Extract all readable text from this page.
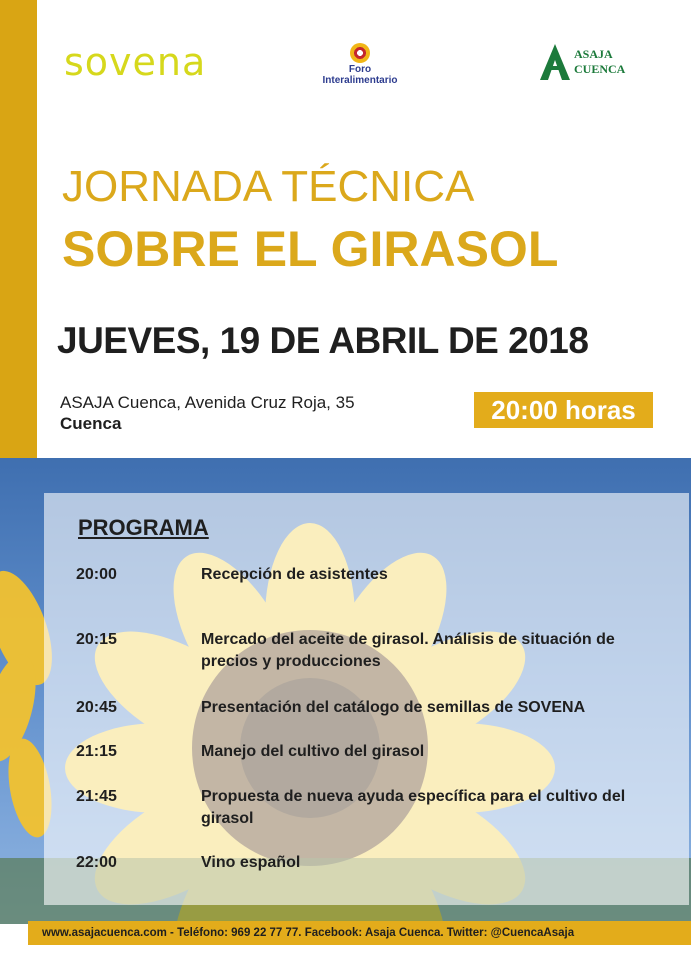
sovena	Foro
Interalimentario
ASAJA
CUENCA
JORNADA TÉCNICA
SOBRE EL GIRASOL
JUEVES, 19 DE ABRIL DE 2018
ASAJA Cuenca, Avenida Cruz Roja, 35
Cuenca	20:00 horas
PROGRAMA
20:00	Recepción de asistentes
20:15	Mercado del aceite de girasol. Análisis de situación de precios y producciones
20:45	Presentación del catálogo de semillas de SOVENA
21:15	Manejo del cultivo del girasol
21:45	Propuesta de nueva ayuda específica para el cultivo del girasol
22:00	Vino español
www.asajacuenca.com - Teléfono: 969 22 77 77. Facebook: Asaja Cuenca. Twitter: @CuencaAsaja
